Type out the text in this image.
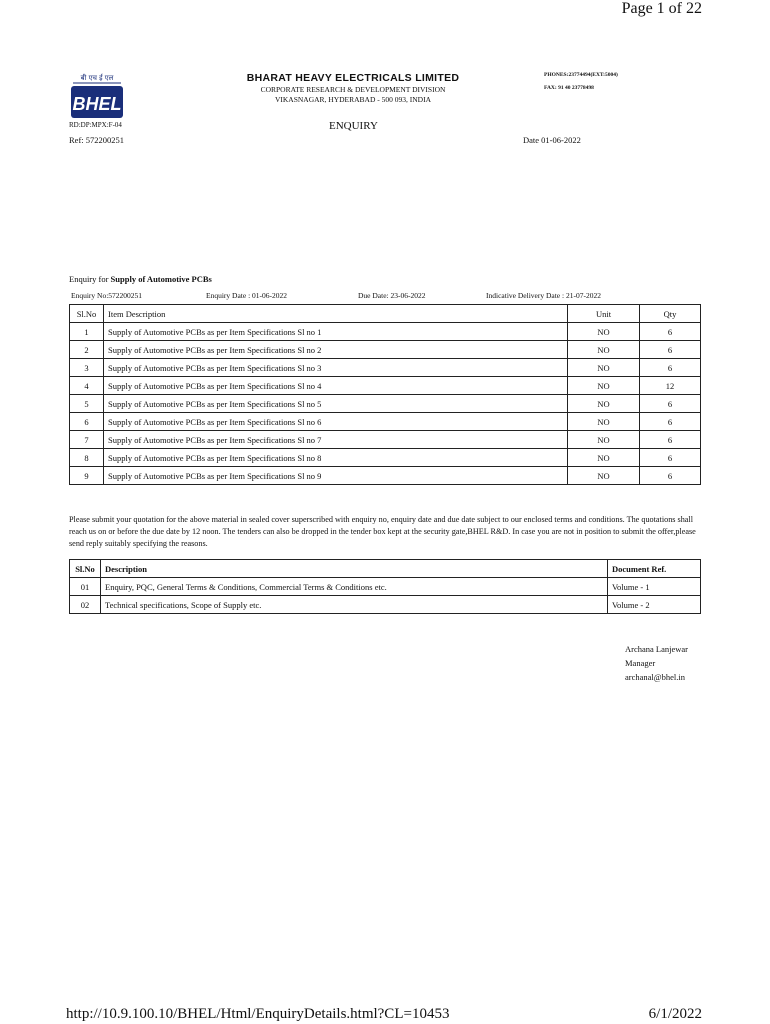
Page 1 of 22
बी एच ई एल
BHEL
BHARAT HEAVY ELECTRICALS LIMITED
CORPORATE RESEARCH & DEVELOPMENT DIVISION
VIKASNAGAR, HYDERABAD - 500 093, INDIA
PHONES:23774494(EXT:5004)
FAX: 91 40 23778498
RD:DP:MPX:F-04	ENQUIRY
Ref: 572200251	Date 01-06-2022
Enquiry for Supply of Automotive PCBs
Enquiry No:572200251	Enquiry Date : 01-06-2022	Due Date: 23-06-2022	Indicative Delivery Date : 21-07-2022
Sl.No	Item Description	Unit	Qty
1	Supply of Automotive PCBs as per Item Specifications Sl no 1	NO	6
2	Supply of Automotive PCBs as per Item Specifications Sl no 2	NO	6
3	Supply of Automotive PCBs as per Item Specifications Sl no 3	NO	6
4	Supply of Automotive PCBs as per Item Specifications Sl no 4	NO	12
5	Supply of Automotive PCBs as per Item Specifications Sl no 5	NO	6
6	Supply of Automotive PCBs as per Item Specifications Sl no 6	NO	6
7	Supply of Automotive PCBs as per Item Specifications Sl no 7	NO	6
8	Supply of Automotive PCBs as per Item Specifications Sl no 8	NO	6
9	Supply of Automotive PCBs as per Item Specifications Sl no 9	NO	6
Please submit your quotation for the above material in sealed cover superscribed with enquiry no, enquiry date and due date subject to our enclosed terms and conditions. The quotations shall reach us on or before the due date by 12 noon. The tenders can also be dropped in the tender box kept at the security gate,BHEL R&D. In case you are not in position to submit the offer,please send reply suitably specifying the reasons.
Sl.No	Description	Document Ref.
01	Enquiry, PQC, General Terms & Conditions, Commercial Terms & Conditions etc.	Volume - 1
02	Technical specifications, Scope of Supply etc.	Volume - 2
Archana Lanjewar
Manager
archanal@bhel.in
http://10.9.100.10/BHEL/Html/EnquiryDetails.html?CL=10453	6/1/2022
